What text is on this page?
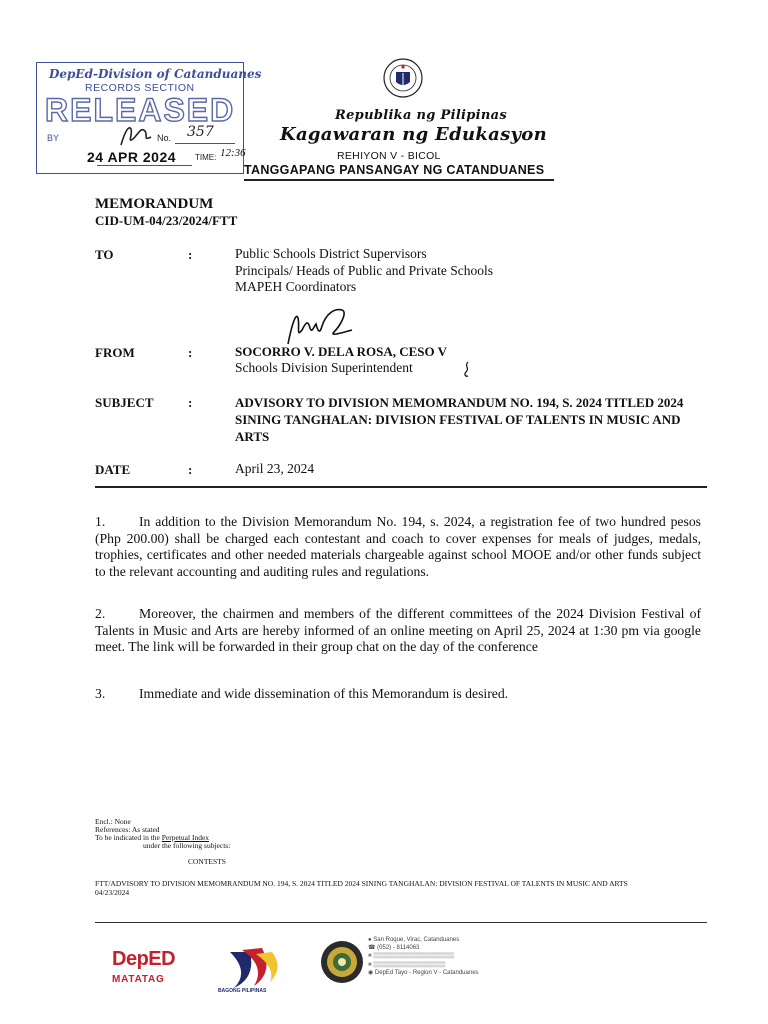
DepEd-Division of Catanduanes
RECORDS SECTION
RELEASED
BY	No. 357
24 APR 2024 TIME: 12:36
Republika ng Pilipinas
Kagawaran ng Edukasyon
REHIYON V - BICOL
TANGGAPANG PANSANGAY NG CATANDUANES
MEMORANDUM
CID-UM-04/23/2024/FTT
TO	:	Public Schools District Supervisors
Principals/ Heads of Public and Private Schools
MAPEH Coordinators
FROM	:	SOCORRO V. DELA ROSA, CESO V
Schools Division Superintendent
SUBJECT	:	ADVISORY TO DIVISION MEMOMRANDUM NO. 194, S. 2024 TITLED 2024 SINING TANGHALAN: DIVISION FESTIVAL OF TALENTS IN MUSIC AND ARTS
DATE	:	April 23, 2024
1. In addition to the Division Memorandum No. 194, s. 2024, a registration fee of two hundred pesos (Php 200.00) shall be charged each contestant and coach to cover expenses for meals of judges, medals, trophies, certificates and other needed materials chargeable against school MOOE and/or other funds subject to the relevant accounting and auditing rules and regulations.
2. Moreover, the chairmen and members of the different committees of the 2024 Division Festival of Talents in Music and Arts are hereby informed of an online meeting on April 25, 2024 at 1:30 pm via google meet. The link will be forwarded in their group chat on the day of the conference
3. Immediate and wide dissemination of this Memorandum is desired.
Encl.: None
References: As stated
To be indicated in the Perpetual Index
under the following subjects:
CONTESTS
FTT/ADVISORY TO DIVISION MEMOMRANDUM NO. 194, S. 2024 TITLED 2024 SINING TANGHALAN: DIVISION FESTIVAL OF TALENTS IN MUSIC AND ARTS
04/23/2024
DepED
MATATAG
BAGONG PILIPINAS
● San Roque, Virac, Catanduanes
☎ (052) - 8114063
■ ▒▒▒▒▒▒▒▒▒▒▒▒▒▒▒▒▒▒▒
■ ▒▒▒▒▒▒▒▒▒▒▒▒▒▒▒▒▒
◉ DepEd Tayo - Region V - Catanduanes
